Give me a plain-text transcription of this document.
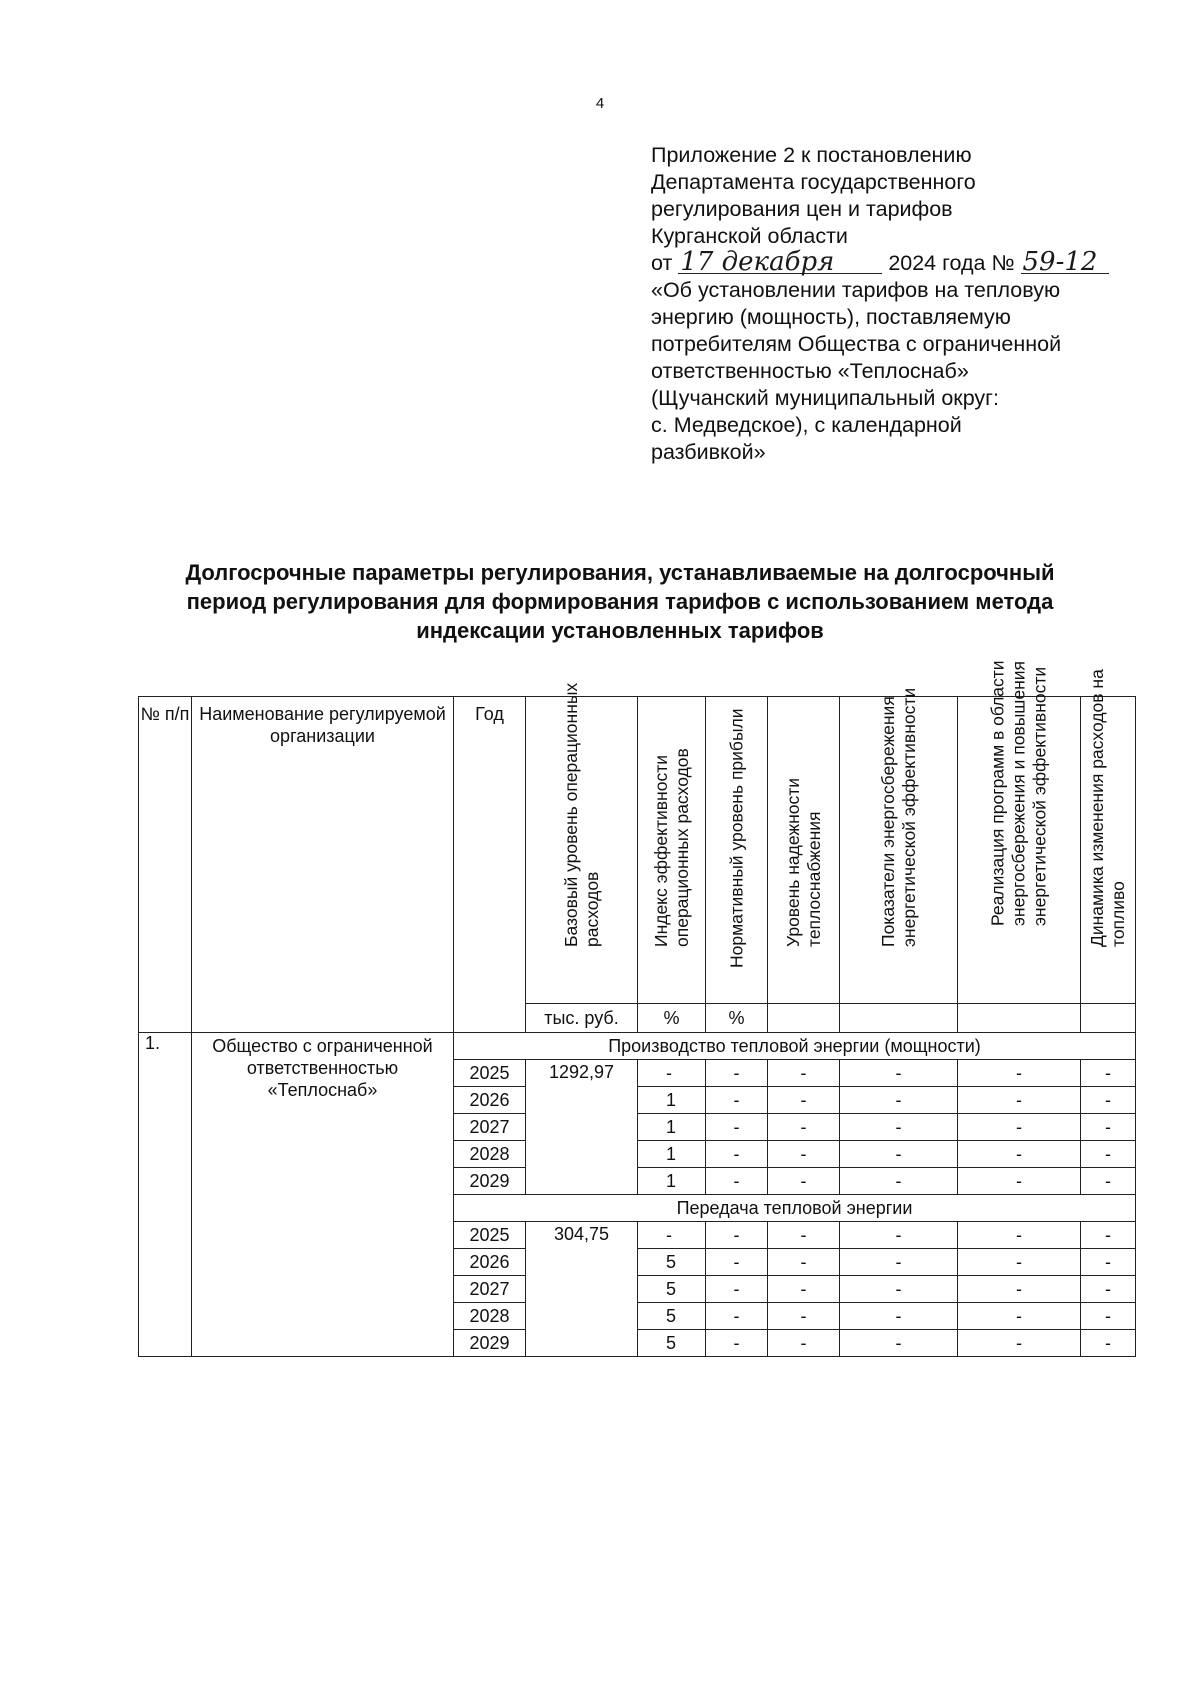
4
Приложение 2 к постановлению
Департамента государственного
регулирования цен и тарифов
Курганской области
от 17 декабря	2024 года № 59-12
«Об установлении тарифов на тепловую
энергию (мощность), поставляемую
потребителям Общества с ограниченной
ответственностью «Теплоснаб»
(Щучанский муниципальный округ:
с. Медведское), с календарной
разбивкой»
Долгосрочные параметры регулирования, устанавливаемые на долгосрочный
период регулирования для формирования тарифов с использованием метода
индексации установленных тарифов
№ п/п	Наименование регулируемой организации	Год	Базовый уровень операционных расходов	Индекс эффективности операционных расходов	Нормативный уровень прибыли	Уровень надежности теплоснабжения	Показатели энергосбережения энергетической эффективности	Реализация программ в области энергосбережения и повышения энергетической эффективности	Динамика изменения расходов на топливо

			тыс. руб.	%	%				
1.	Общество с ограниченной ответственностью «Теплоснаб»	Производство тепловой энергии (мощности)							
		2025	1292,97	-	-	-	-	-	-
		2026		1	-	-	-	-	-
		2027		1	-	-	-	-	-
		2028		1	-	-	-	-	-
		2029		1	-	-	-	-	-
		Передача тепловой энергии							
		2025	304,75	-	-	-	-	-	-
		2026		5	-	-	-	-	-
		2027		5	-	-	-	-	-
		2028		5	-	-	-	-	-
		2029		5	-	-	-	-	-
